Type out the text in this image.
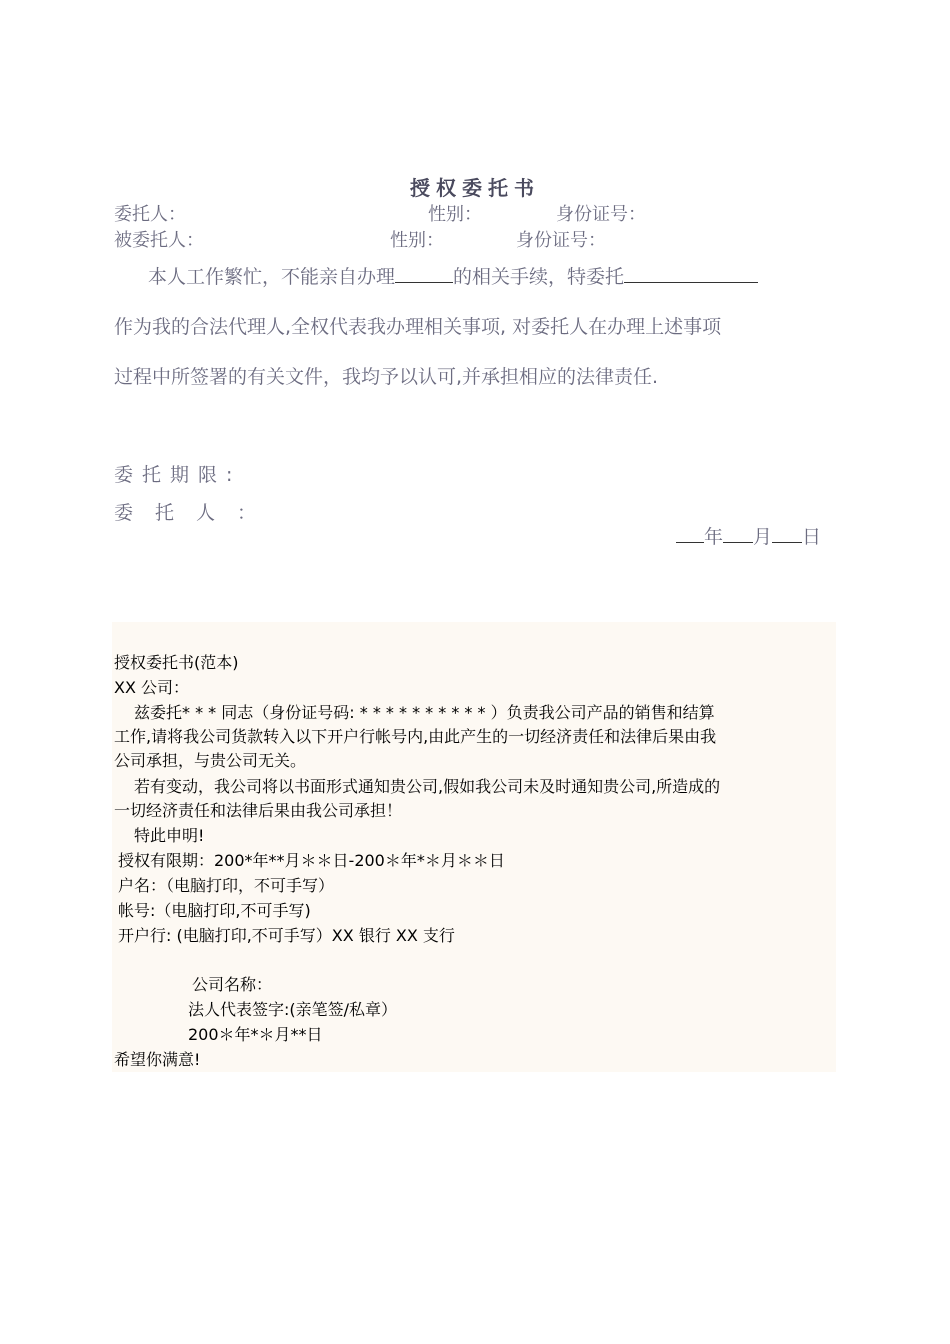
授权委托书
委托人：	性别：	身份证号：
被委托人：	性别：	身份证号：
本人工作繁忙，不能亲自办理	的相关手续，特委托
作为我的合法代理人,全权代表我办理相关事项, 对委托人在办理上述事项
过程中所签署的有关文件，我均予以认可,并承担相应的法律责任.
委托期限:
委托人：
年 月 日
授权委托书(范本)
XX 公司：
兹委托* * * 同志（身份证号码: * * * * * * * * * * ）负责我公司产品的销售和结算
工作,请将我公司货款转入以下开户行帐号内,由此产生的一切经济责任和法律后果由我
公司承担，与贵公司无关。
若有变动，我公司将以书面形式通知贵公司,假如我公司未及时通知贵公司,所造成的
一切经济责任和法律后果由我公司承担！
特此申明!
授权有限期：200*年**月＊＊日-200＊年*＊月＊＊日
户名：（电脑打印，不可手写）
帐号:（电脑打印,不可手写)
开户行: (电脑打印,不可手写）XX 银行 XX 支行
公司名称：
法人代表签字:(亲笔签/私章）
200＊年*＊月**日
希望你满意!
